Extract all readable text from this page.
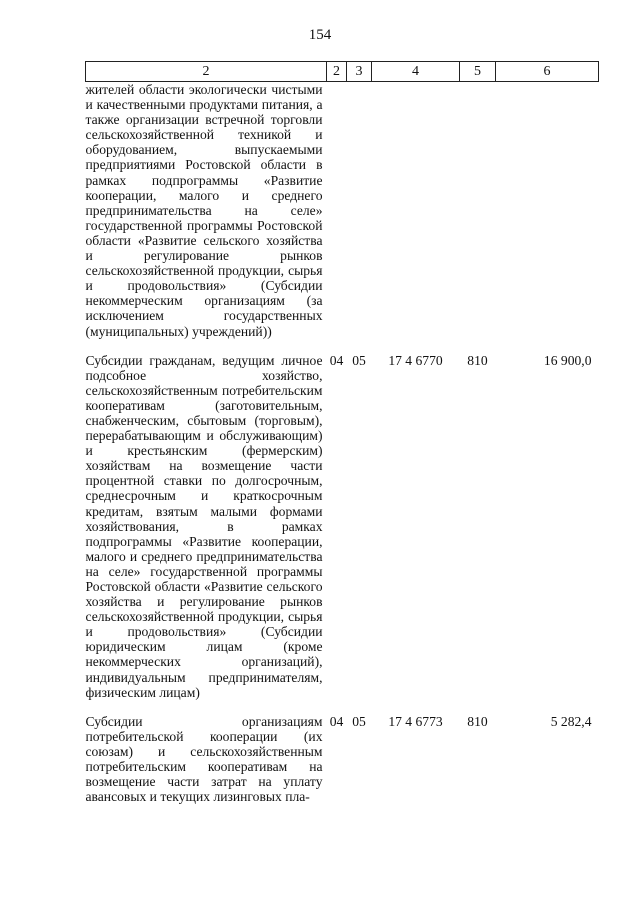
154
2	2	3	4	5	6
жителей области экологически чистыми и качественными продуктами питания, а также организации встречной торговли сельскохозяйственной техникой и оборудованием, выпускаемыми предприятиями Ростовской области в рамках подпрограммы «Развитие кооперации, малого и среднего предпринимательства на селе» государственной программы Ростовской области «Развитие сельского хозяйства и регулирование рынков сельскохозяйственной продукции, сырья и продовольствия» (Субсидии некоммерческим организациям (за исключением государственных (муниципальных) учреждений))					
Субсидии гражданам, ведущим личное подсобное хозяйство, сельскохозяйственным потребительским кооперативам (заготовительным, снабженческим, сбытовым (торговым), перерабатывающим и обслуживающим) и крестьянским (фермерским) хозяйствам на возмещение части процентной ставки по долгосрочным, среднесрочным и краткосрочным кредитам, взятым малыми формами хозяйствования, в рамках подпрограммы «Развитие кооперации, малого и среднего предпринимательства на селе» государственной программы Ростовской области «Развитие сельского хозяйства и регулирование рынков сельскохозяйственной продукции, сырья и продовольствия» (Субсидии юридическим лицам (кроме некоммерческих организаций), индивидуальным предпринимателям, физическим лицам)	04	05	17 4 6770	810	16 900,0
Субсидии организациям потребительской кооперации (их союзам) и сельскохозяйственным потребительским кооперативам на возмещение части затрат на уплату авансовых и текущих лизинговых пла-	04	05	17 4 6773	810	5 282,4
